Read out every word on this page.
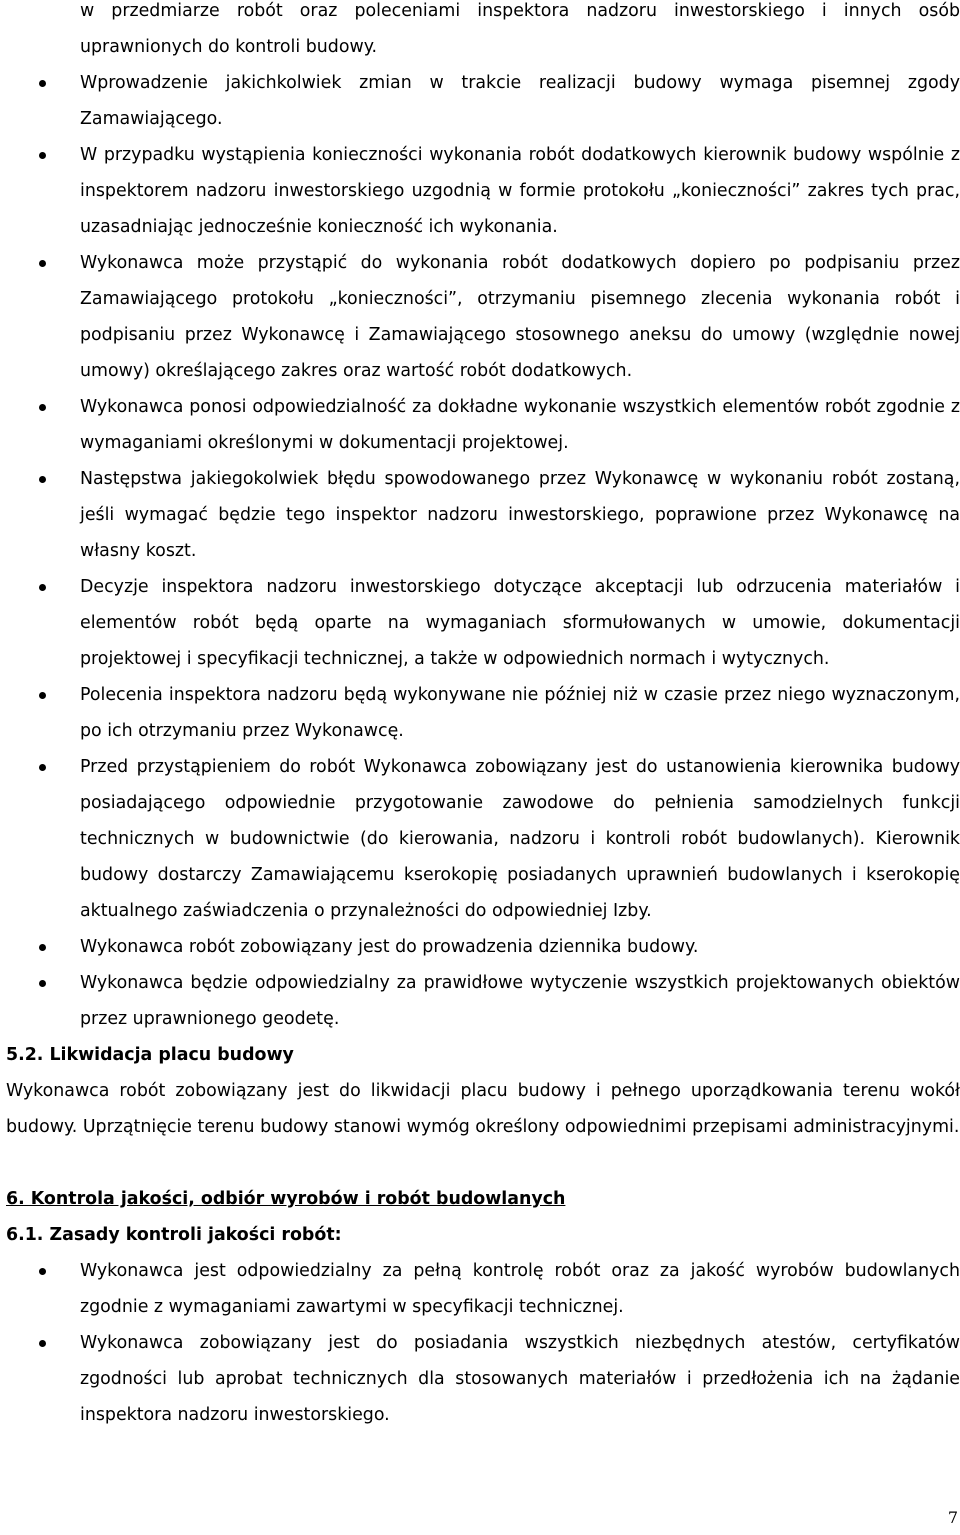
w przedmiarze robót oraz poleceniami inspektora nadzoru inwestorskiego i innych osób uprawnionych do kontroli budowy.

Wprowadzenie jakichkolwiek zmian w trakcie realizacji budowy wymaga pisemnej zgody Zamawiającego.
W przypadku wystąpienia konieczności wykonania robót dodatkowych kierownik budowy wspólnie z inspektorem nadzoru inwestorskiego uzgodnią w formie protokołu „konieczności” zakres tych prac, uzasadniając jednocześnie konieczność ich wykonania.
Wykonawca może przystąpić do wykonania robót dodatkowych dopiero po podpisaniu przez Zamawiającego protokołu „konieczności”, otrzymaniu pisemnego zlecenia wykonania robót i podpisaniu przez Wykonawcę i Zamawiającego stosownego aneksu do umowy (względnie nowej umowy) określającego zakres oraz wartość robót dodatkowych.
Wykonawca ponosi odpowiedzialność za dokładne wykonanie wszystkich elementów robót zgodnie z wymaganiami określonymi w dokumentacji projektowej.
Następstwa jakiegokolwiek błędu spowodowanego przez Wykonawcę w wykonaniu robót zostaną, jeśli wymagać będzie tego inspektor nadzoru inwestorskiego, poprawione przez Wykonawcę na własny koszt.
Decyzje inspektora nadzoru inwestorskiego dotyczące akceptacji lub odrzucenia materiałów i elementów robót będą oparte na wymaganiach sformułowanych w umowie, dokumentacji projektowej i specyfikacji technicznej, a także w odpowiednich normach i wytycznych.
Polecenia inspektora nadzoru będą wykonywane nie później niż w czasie przez niego wyznaczonym, po ich otrzymaniu przez Wykonawcę.
Przed przystąpieniem do robót Wykonawca zobowiązany jest do ustanowienia kierownika budowy posiadającego odpowiednie przygotowanie zawodowe do pełnienia samodzielnych funkcji technicznych w budownictwie (do kierowania, nadzoru i kontroli robót budowlanych). Kierownik budowy dostarczy Zamawiającemu kserokopię posiadanych uprawnień budowlanych i kserokopię aktualnego zaświadczenia o przynależności do odpowiedniej Izby.
Wykonawca robót zobowiązany jest do prowadzenia dziennika budowy.
Wykonawca będzie odpowiedzialny za prawidłowe wytyczenie wszystkich projektowanych obiektów przez uprawnionego geodetę.

5.2. Likwidacja placu budowy

Wykonawca robót zobowiązany jest do likwidacji placu budowy i pełnego uporządkowania terenu wokół budowy. Uprzątnięcie terenu budowy stanowi wymóg określony odpowiednimi przepisami administracyjnymi.

6. Kontrola jakości, odbiór wyrobów i robót budowlanych

6.1. Zasady kontroli jakości robót:

Wykonawca jest odpowiedzialny za pełną kontrolę robót oraz za jakość wyrobów budowlanych zgodnie z wymaganiami zawartymi w specyfikacji technicznej.
Wykonawca zobowiązany jest do posiadania wszystkich niezbędnych atestów, certyfikatów zgodności lub aprobat technicznych dla stosowanych materiałów i przedłożenia ich na żądanie inspektora nadzoru inwestorskiego.
7
